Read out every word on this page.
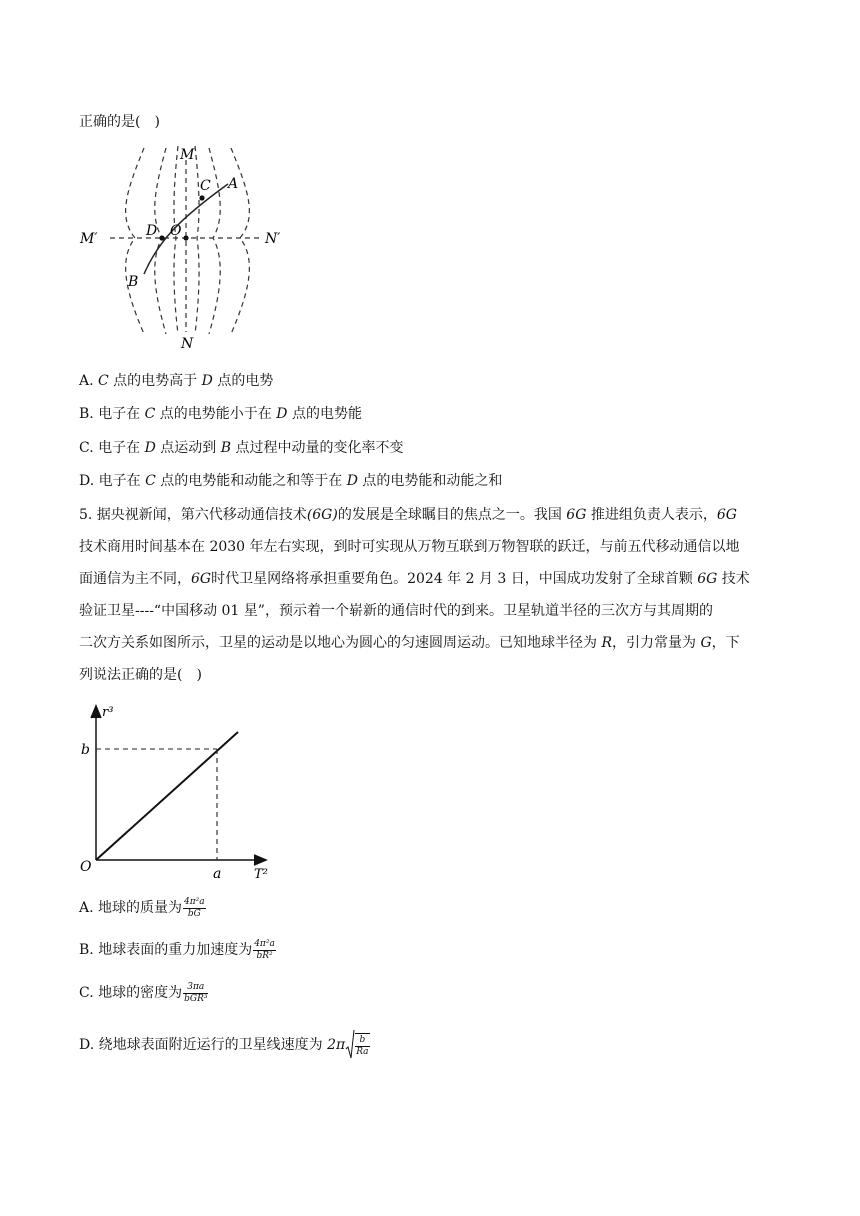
正确的是(　)
M
N
M′	N′
A
C
D O
B
A. C 点的电势高于 D 点的电势
B. 电子在 C 点的电势能小于在 D 点的电势能
C. 电子在 D 点运动到 B 点过程中动量的变化率不变
D. 电子在 C 点的电势能和动能之和等于在 D 点的电势能和动能之和
5. 据央视新闻，第六代移动通信技术(6G)的发展是全球瞩目的焦点之一。我国 6G 推进组负责人表示，6G
技术商用时间基本在 2030 年左右实现，到时可实现从万物互联到万物智联的跃迁，与前五代移动通信以地
面通信为主不同，6G时代卫星网络将承担重要角色。2024 年 2 月 3 日，中国成功发射了全球首颗 6G 技术
验证卫星----“中国移动 01 星”，预示着一个崭新的通信时代的到来。卫星轨道半径的三次方与其周期的
二次方关系如图所示，卫星的运动是以地心为圆心的匀速圆周运动。已知地球半径为 R，引力常量为 G，下
列说法正确的是(　)
r³
T²
O
b
a
A. 地球的质量为 $\frac{\text{4π²a}}{bG}$
B. 地球表面的重力加速度为 $\frac{\text{4π²a}}{\text{bR²}}$
C. 地球的密度为 $\frac{3\pi a}{\text{bGR³}}$
D. 绕地球表面附近运行的卫星线速度为 $2\pi \frac{b}{Ra}$
